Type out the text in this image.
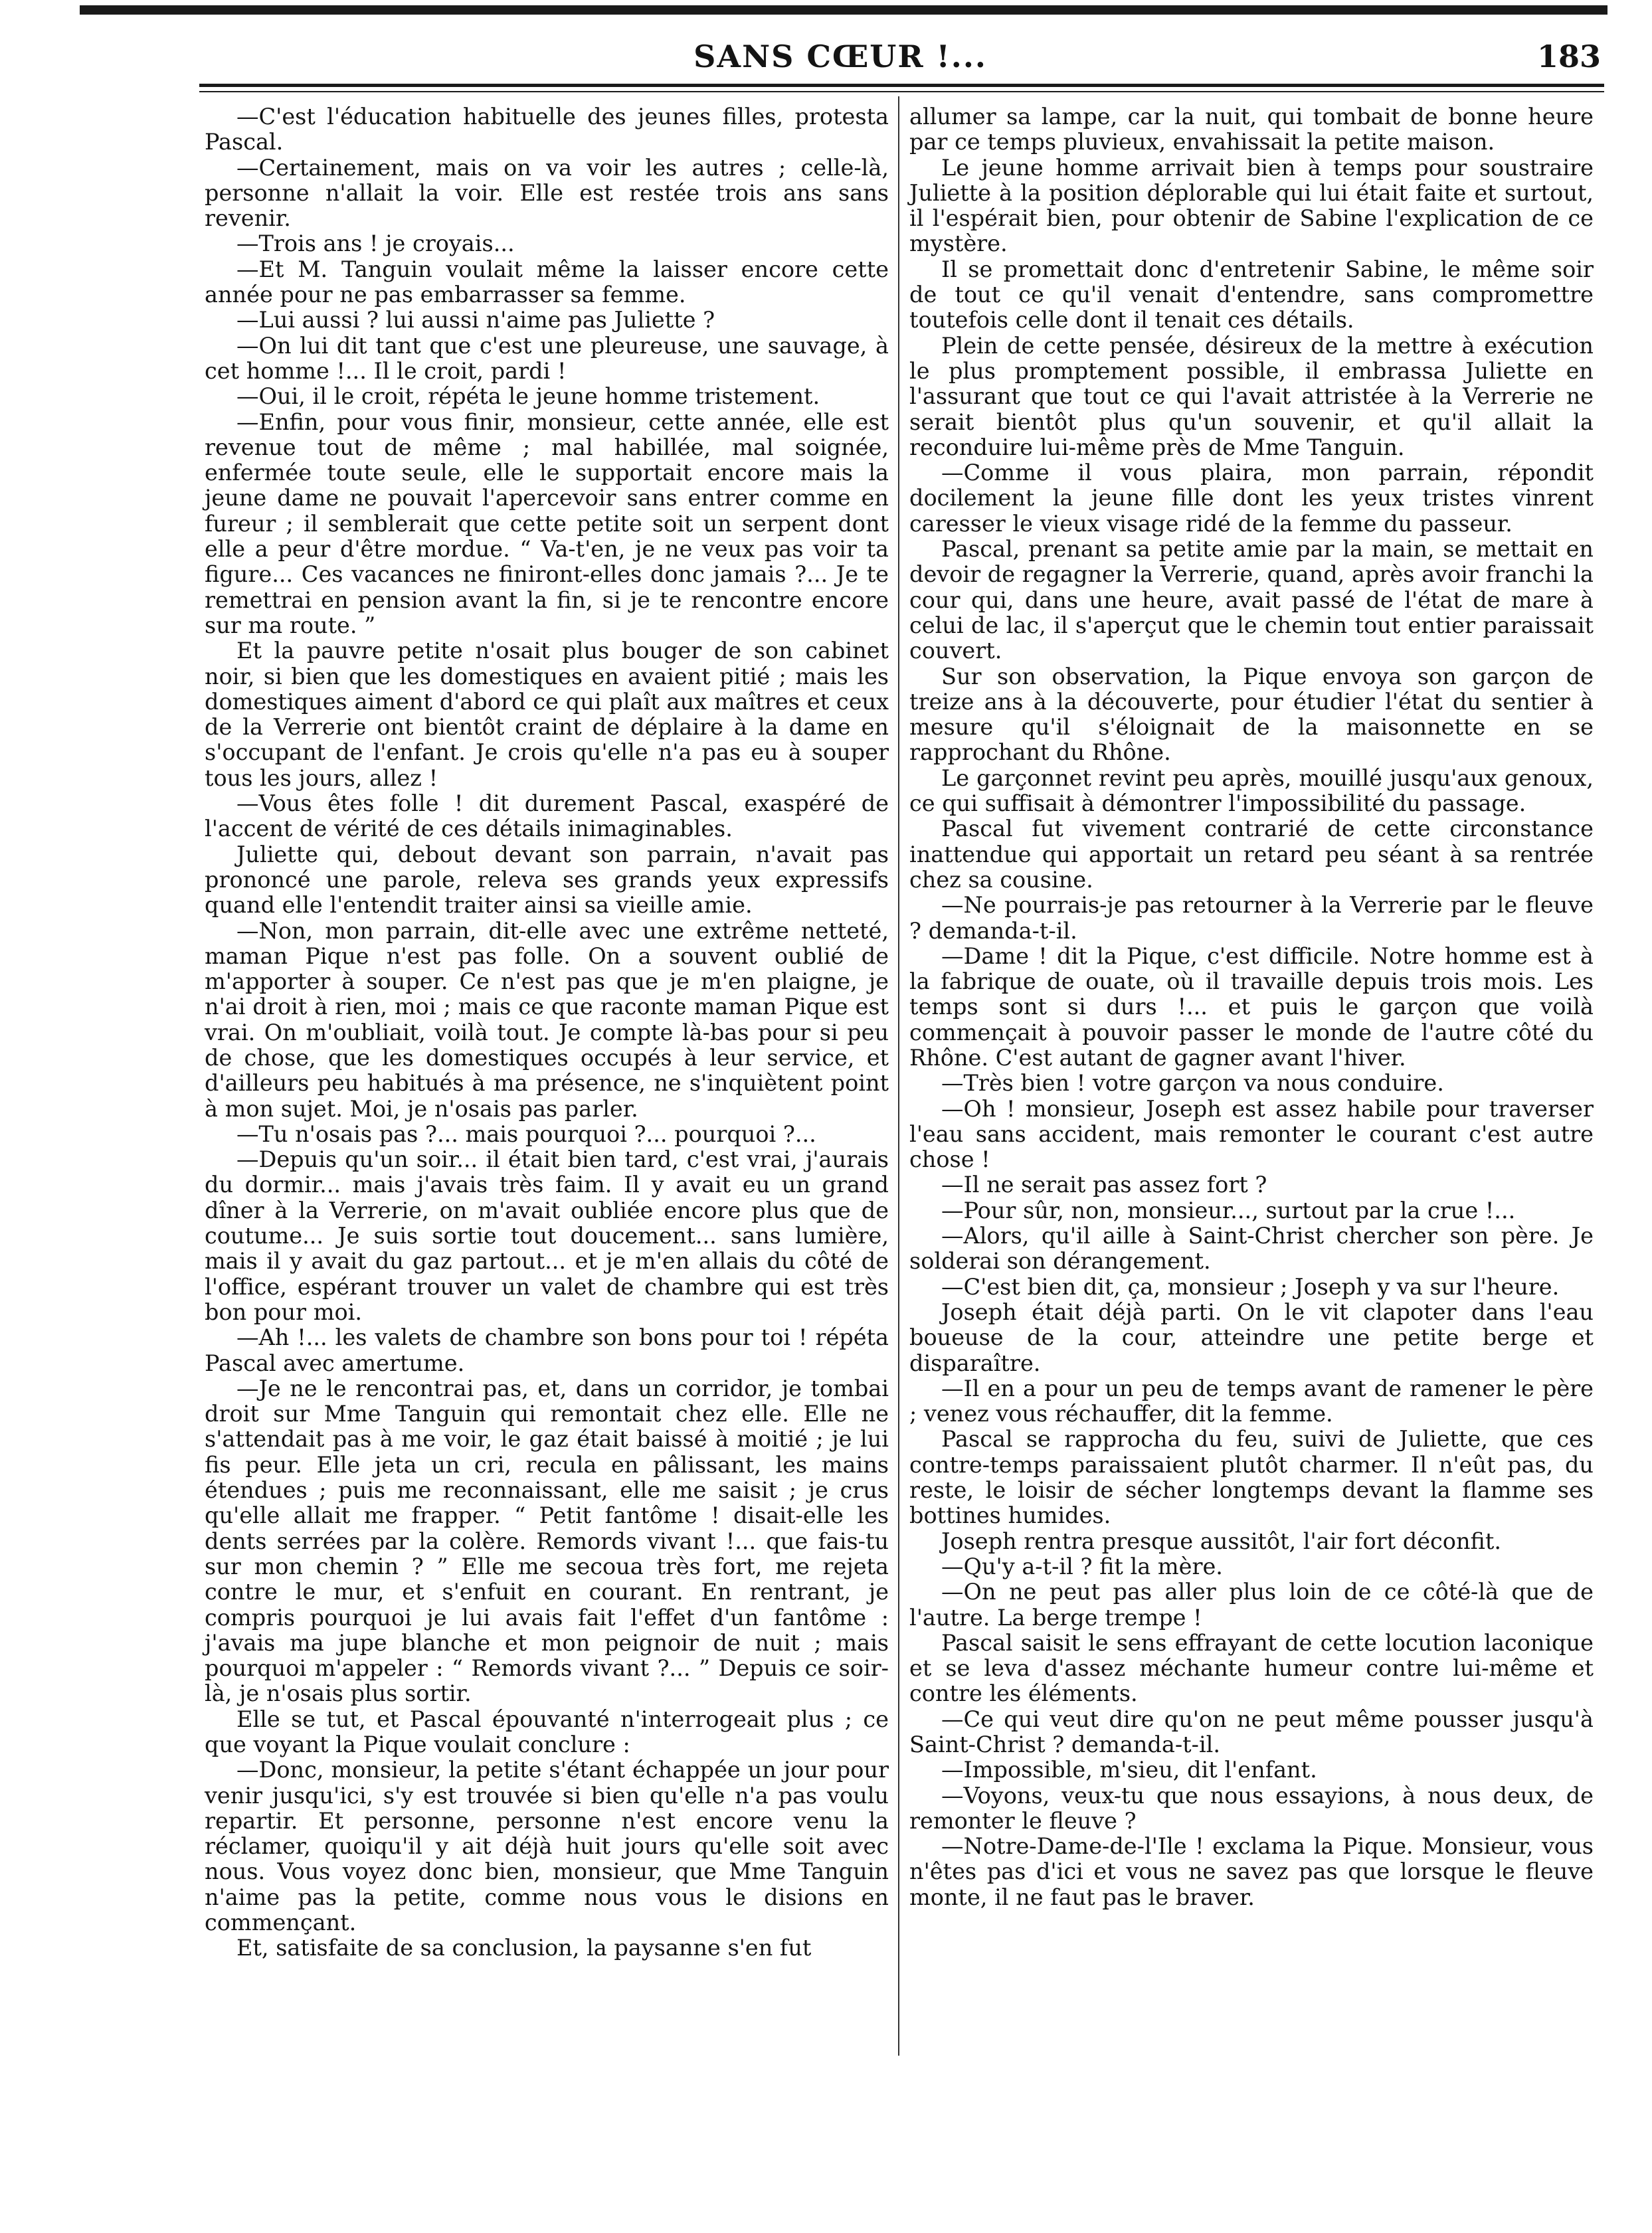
SANS CŒUR !...	183

—C'est l'éducation habituelle des jeunes filles, protesta Pascal.

—Certainement, mais on va voir les autres ; celle-là, personne n'allait la voir. Elle est restée trois ans sans revenir.

—Trois ans ! je croyais...

—Et M. Tanguin voulait même la laisser encore cette année pour ne pas embarrasser sa femme.

—Lui aussi ? lui aussi n'aime pas Juliette ?

—On lui dit tant que c'est une pleureuse, une sauvage, à cet homme !... Il le croit, pardi !

—Oui, il le croit, répéta le jeune homme tristement.

—Enfin, pour vous finir, monsieur, cette année, elle est revenue tout de même ; mal habillée, mal soignée, enfermée toute seule, elle le supportait encore mais la jeune dame ne pouvait l'apercevoir sans entrer comme en fureur ; il semblerait que cette petite soit un serpent dont elle a peur d'être mordue. “ Va-t'en, je ne veux pas voir ta figure... Ces vacances ne finiront-elles donc jamais ?... Je te remettrai en pension avant la fin, si je te rencontre encore sur ma route. ”

Et la pauvre petite n'osait plus bouger de son cabinet noir, si bien que les domestiques en avaient pitié ; mais les domestiques aiment d'abord ce qui plaît aux maîtres et ceux de la Verrerie ont bientôt craint de déplaire à la dame en s'occupant de l'enfant. Je crois qu'elle n'a pas eu à souper tous les jours, allez !

—Vous êtes folle ! dit durement Pascal, exaspéré de l'accent de vérité de ces détails inimaginables.

Juliette qui, debout devant son parrain, n'avait pas prononcé une parole, releva ses grands yeux expressifs quand elle l'entendit traiter ainsi sa vieille amie.

—Non, mon parrain, dit-elle avec une extrême netteté, maman Pique n'est pas folle. On a souvent oublié de m'apporter à souper. Ce n'est pas que je m'en plaigne, je n'ai droit à rien, moi ; mais ce que raconte maman Pique est vrai. On m'oubliait, voilà tout. Je compte là-bas pour si peu de chose, que les domestiques occupés à leur service, et d'ailleurs peu habitués à ma présence, ne s'inquiètent point à mon sujet. Moi, je n'osais pas parler.

—Tu n'osais pas ?... mais pourquoi ?... pourquoi ?...

—Depuis qu'un soir... il était bien tard, c'est vrai, j'aurais du dormir... mais j'avais très faim. Il y avait eu un grand dîner à la Verrerie, on m'avait oubliée encore plus que de coutume... Je suis sortie tout doucement... sans lumière, mais il y avait du gaz partout... et je m'en allais du côté de l'office, espérant trouver un valet de chambre qui est très bon pour moi.

—Ah !... les valets de chambre son bons pour toi ! répéta Pascal avec amertume.

—Je ne le rencontrai pas, et, dans un corridor, je tombai droit sur Mme Tanguin qui remontait chez elle. Elle ne s'attendait pas à me voir, le gaz était baissé à moitié ; je lui fis peur. Elle jeta un cri, recula en pâlissant, les mains étendues ; puis me reconnaissant, elle me saisit ; je crus qu'elle allait me frapper. “ Petit fantôme ! disait-elle les dents serrées par la colère. Remords vivant !... que fais-tu sur mon chemin ? ” Elle me secoua très fort, me rejeta contre le mur, et s'enfuit en courant. En rentrant, je compris pourquoi je lui avais fait l'effet d'un fantôme : j'avais ma jupe blanche et mon peignoir de nuit ; mais pourquoi m'appeler : “ Remords vivant ?... ” Depuis ce soir-là, je n'osais plus sortir.

Elle se tut, et Pascal épouvanté n'interrogeait plus ; ce que voyant la Pique voulait conclure :

—Donc, monsieur, la petite s'étant échappée un jour pour venir jusqu'ici, s'y est trouvée si bien qu'elle n'a pas voulu repartir. Et personne, personne n'est encore venu la réclamer, quoiqu'il y ait déjà huit jours qu'elle soit avec nous. Vous voyez donc bien, monsieur, que Mme Tanguin n'aime pas la petite, comme nous vous le disions en commençant.

Et, satisfaite de sa conclusion, la paysanne s'en fut

allumer sa lampe, car la nuit, qui tombait de bonne heure par ce temps pluvieux, envahissait la petite maison.

Le jeune homme arrivait bien à temps pour soustraire Juliette à la position déplorable qui lui était faite et surtout, il l'espérait bien, pour obtenir de Sabine l'explication de ce mystère.

Il se promettait donc d'entretenir Sabine, le même soir de tout ce qu'il venait d'entendre, sans compromettre toutefois celle dont il tenait ces détails.

Plein de cette pensée, désireux de la mettre à exécution le plus promptement possible, il embrassa Juliette en l'assurant que tout ce qui l'avait attristée à la Verrerie ne serait bientôt plus qu'un souvenir, et qu'il allait la reconduire lui-même près de Mme Tanguin.

—Comme il vous plaira, mon parrain, répondit docilement la jeune fille dont les yeux tristes vinrent caresser le vieux visage ridé de la femme du passeur.

Pascal, prenant sa petite amie par la main, se mettait en devoir de regagner la Verrerie, quand, après avoir franchi la cour qui, dans une heure, avait passé de l'état de mare à celui de lac, il s'aperçut que le chemin tout entier paraissait couvert.

Sur son observation, la Pique envoya son garçon de treize ans à la découverte, pour étudier l'état du sentier à mesure qu'il s'éloignait de la maisonnette en se rapprochant du Rhône.

Le garçonnet revint peu après, mouillé jusqu'aux genoux, ce qui suffisait à démontrer l'impossibilité du passage.

Pascal fut vivement contrarié de cette circonstance inattendue qui apportait un retard peu séant à sa rentrée chez sa cousine.

—Ne pourrais-je pas retourner à la Verrerie par le fleuve ? demanda-t-il.

—Dame ! dit la Pique, c'est difficile. Notre homme est à la fabrique de ouate, où il travaille depuis trois mois. Les temps sont si durs !... et puis le garçon que voilà commençait à pouvoir passer le monde de l'autre côté du Rhône. C'est autant de gagner avant l'hiver.

—Très bien ! votre garçon va nous conduire.

—Oh ! monsieur, Joseph est assez habile pour traverser l'eau sans accident, mais remonter le courant c'est autre chose !

—Il ne serait pas assez fort ?

—Pour sûr, non, monsieur..., surtout par la crue !...

—Alors, qu'il aille à Saint-Christ chercher son père. Je solderai son dérangement.

—C'est bien dit, ça, monsieur ; Joseph y va sur l'heure.

Joseph était déjà parti. On le vit clapoter dans l'eau boueuse de la cour, atteindre une petite berge et disparaître.

—Il en a pour un peu de temps avant de ramener le père ; venez vous réchauffer, dit la femme.

Pascal se rapprocha du feu, suivi de Juliette, que ces contre-temps paraissaient plutôt charmer. Il n'eût pas, du reste, le loisir de sécher longtemps devant la flamme ses bottines humides.

Joseph rentra presque aussitôt, l'air fort déconfit.

—Qu'y a-t-il ? fit la mère.

—On ne peut pas aller plus loin de ce côté-là que de l'autre. La berge trempe !

Pascal saisit le sens effrayant de cette locution laconique et se leva d'assez méchante humeur contre lui-même et contre les éléments.

—Ce qui veut dire qu'on ne peut même pousser jusqu'à Saint-Christ ? demanda-t-il.

—Impossible, m'sieu, dit l'enfant.

—Voyons, veux-tu que nous essayions, à nous deux, de remonter le fleuve ?

—Notre-Dame-de-l'Ile ! exclama la Pique. Monsieur, vous n'êtes pas d'ici et vous ne savez pas que lorsque le fleuve monte, il ne faut pas le braver.
